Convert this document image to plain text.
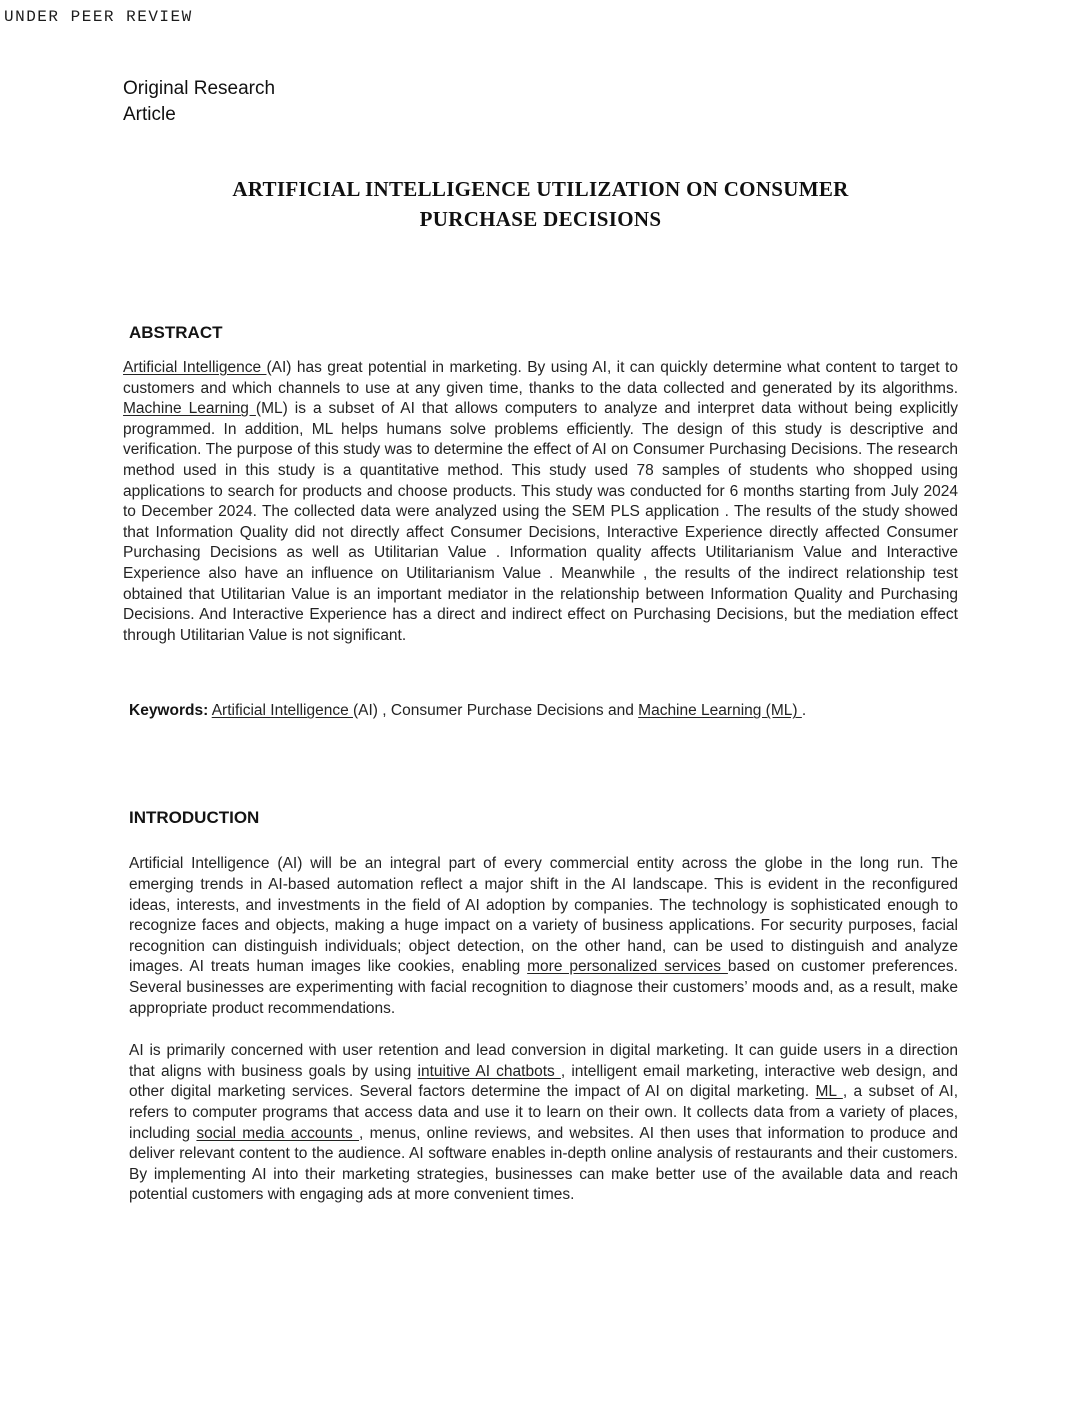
UNDER PEER REVIEW
Original Research
Article
ARTIFICIAL INTELLIGENCE UTILIZATION ON CONSUMER
PURCHASE DECISIONS
ABSTRACT

Artificial Intelligence (AI) has great potential in marketing. By using AI, it can quickly determine what content to target to customers and which channels to use at any given time, thanks to the data collected and generated by its algorithms. Machine Learning (ML) is a subset of AI that allows computers to analyze and interpret data without being explicitly programmed. In addition, ML helps humans solve problems efficiently. The design of this study is descriptive and verification. The purpose of this study was to determine the effect of AI on Consumer Purchasing Decisions. The research method used in this study is a quantitative method. This study used 78 samples of students who shopped using applications to search for products and choose products. This study was conducted for 6 months starting from July 2024 to December 2024. The collected data were analyzed using the SEM PLS application . The results of the study showed that Information Quality did not directly affect Consumer Decisions, Interactive Experience directly affected Consumer Purchasing Decisions as well as Utilitarian Value . Information quality affects Utilitarianism Value and Interactive Experience also have an influence on Utilitarianism Value . Meanwhile , the results of the indirect relationship test obtained that Utilitarian Value is an important mediator in the relationship between Information Quality and Purchasing Decisions. And Interactive Experience has a direct and indirect effect on Purchasing Decisions, but the mediation effect through Utilitarian Value is not significant.

Keywords: Artificial Intelligence (AI) , Consumer Purchase Decisions and Machine Learning (ML) .

INTRODUCTION

Artificial Intelligence (AI) will be an integral part of every commercial entity across the globe in the long run. The emerging trends in AI-based automation reflect a major shift in the AI landscape. This is evident in the reconfigured ideas, interests, and investments in the field of AI adoption by companies. The technology is sophisticated enough to recognize faces and objects, making a huge impact on a variety of business applications. For security purposes, facial recognition can distinguish individuals; object detection, on the other hand, can be used to distinguish and analyze images. AI treats human images like cookies, enabling more personalized services based on customer preferences. Several businesses are experimenting with facial recognition to diagnose their customers’ moods and, as a result, make appropriate product recommendations.

AI is primarily concerned with user retention and lead conversion in digital marketing. It can guide users in a direction that aligns with business goals by using intuitive AI chatbots , intelligent email marketing, interactive web design, and other digital marketing services. Several factors determine the impact of AI on digital marketing. ML , a subset of AI, refers to computer programs that access data and use it to learn on their own. It collects data from a variety of places, including social media accounts , menus, online reviews, and websites. AI then uses that information to produce and deliver relevant content to the audience. AI software enables in-depth online analysis of restaurants and their customers. By implementing AI into their marketing strategies, businesses can make better use of the available data and reach potential customers with engaging ads at more convenient times.
